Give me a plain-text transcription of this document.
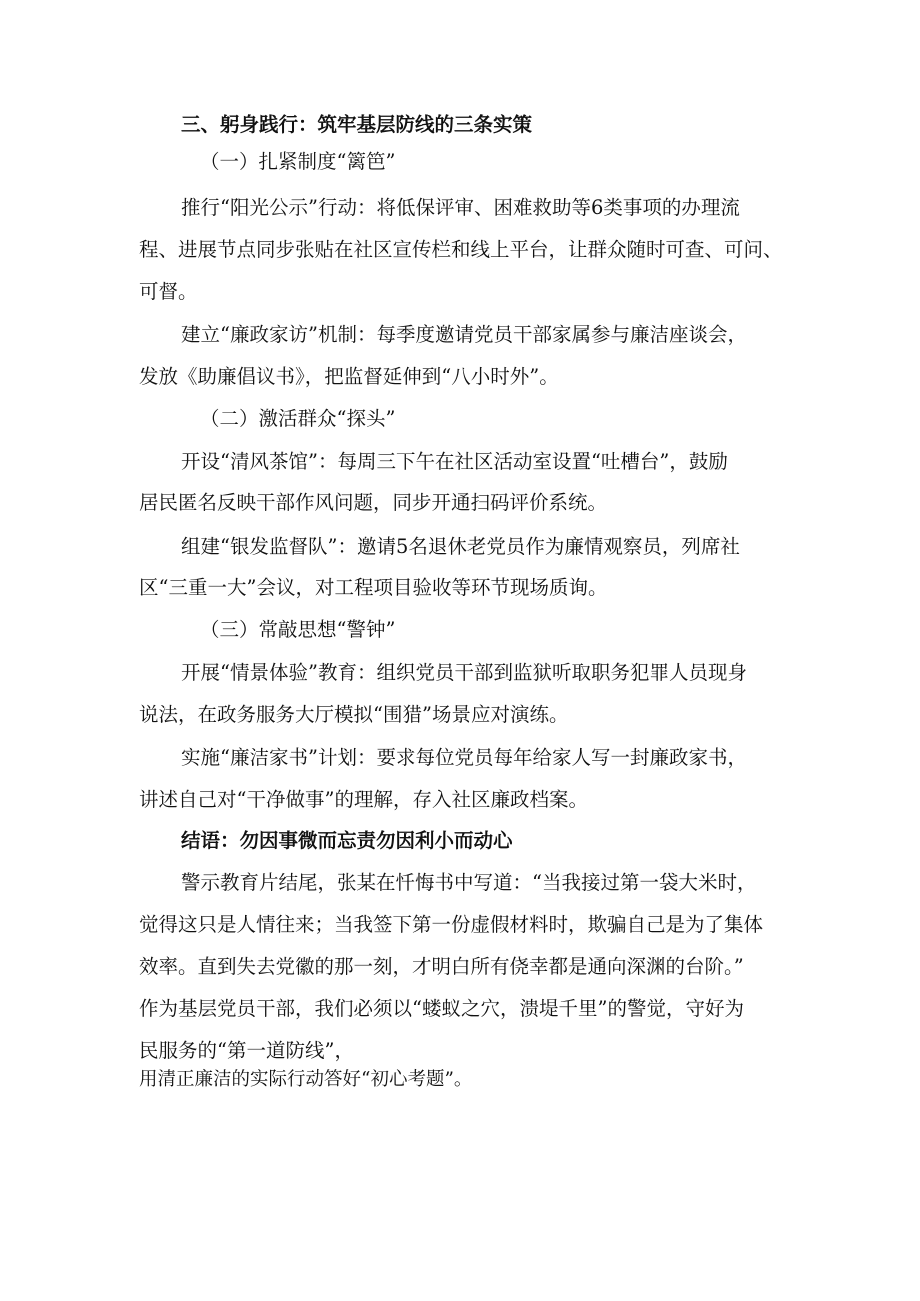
三、躬身践行：筑牢基层防线的三条实策
（一）扎紧制度“篱笆”
推行“阳光公示”行动：将低保评审、困难救助等6类事项的办理流
程、进展节点同步张贴在社区宣传栏和线上平台，让群众随时可查、可问、
可督。
建立“廉政家访”机制：每季度邀请党员干部家属参与廉洁座谈会，
发放《助廉倡议书》，把监督延伸到“八小时外”。
（二）激活群众“探头”
开设“清风茶馆”：每周三下午在社区活动室设置“吐槽台”，鼓励
居民匿名反映干部作风问题，同步开通扫码评价系统。
组建“银发监督队”：邀请5名退休老党员作为廉情观察员，列席社
区“三重一大”会议，对工程项目验收等环节现场质询。
（三）常敲思想“警钟”
开展“情景体验”教育：组织党员干部到监狱听取职务犯罪人员现身
说法，在政务服务大厅模拟“围猎”场景应对演练。
实施“廉洁家书”计划：要求每位党员每年给家人写一封廉政家书，
讲述自己对“干净做事”的理解，存入社区廉政档案。
结语：勿因事微而忘责勿因利小而动心
警示教育片结尾，张某在忏悔书中写道：“当我接过第一袋大米时，
觉得这只是人情往来；当我签下第一份虚假材料时，欺骗自己是为了集体
效率。直到失去党徽的那一刻，才明白所有侥幸都是通向深渊的台阶。”
作为基层党员干部，我们必须以“蝼蚁之穴，溃堤千里”的警觉，守好为
民服务的“第一道防线”，
用清正廉洁的实际行动答好“初心考题”。
